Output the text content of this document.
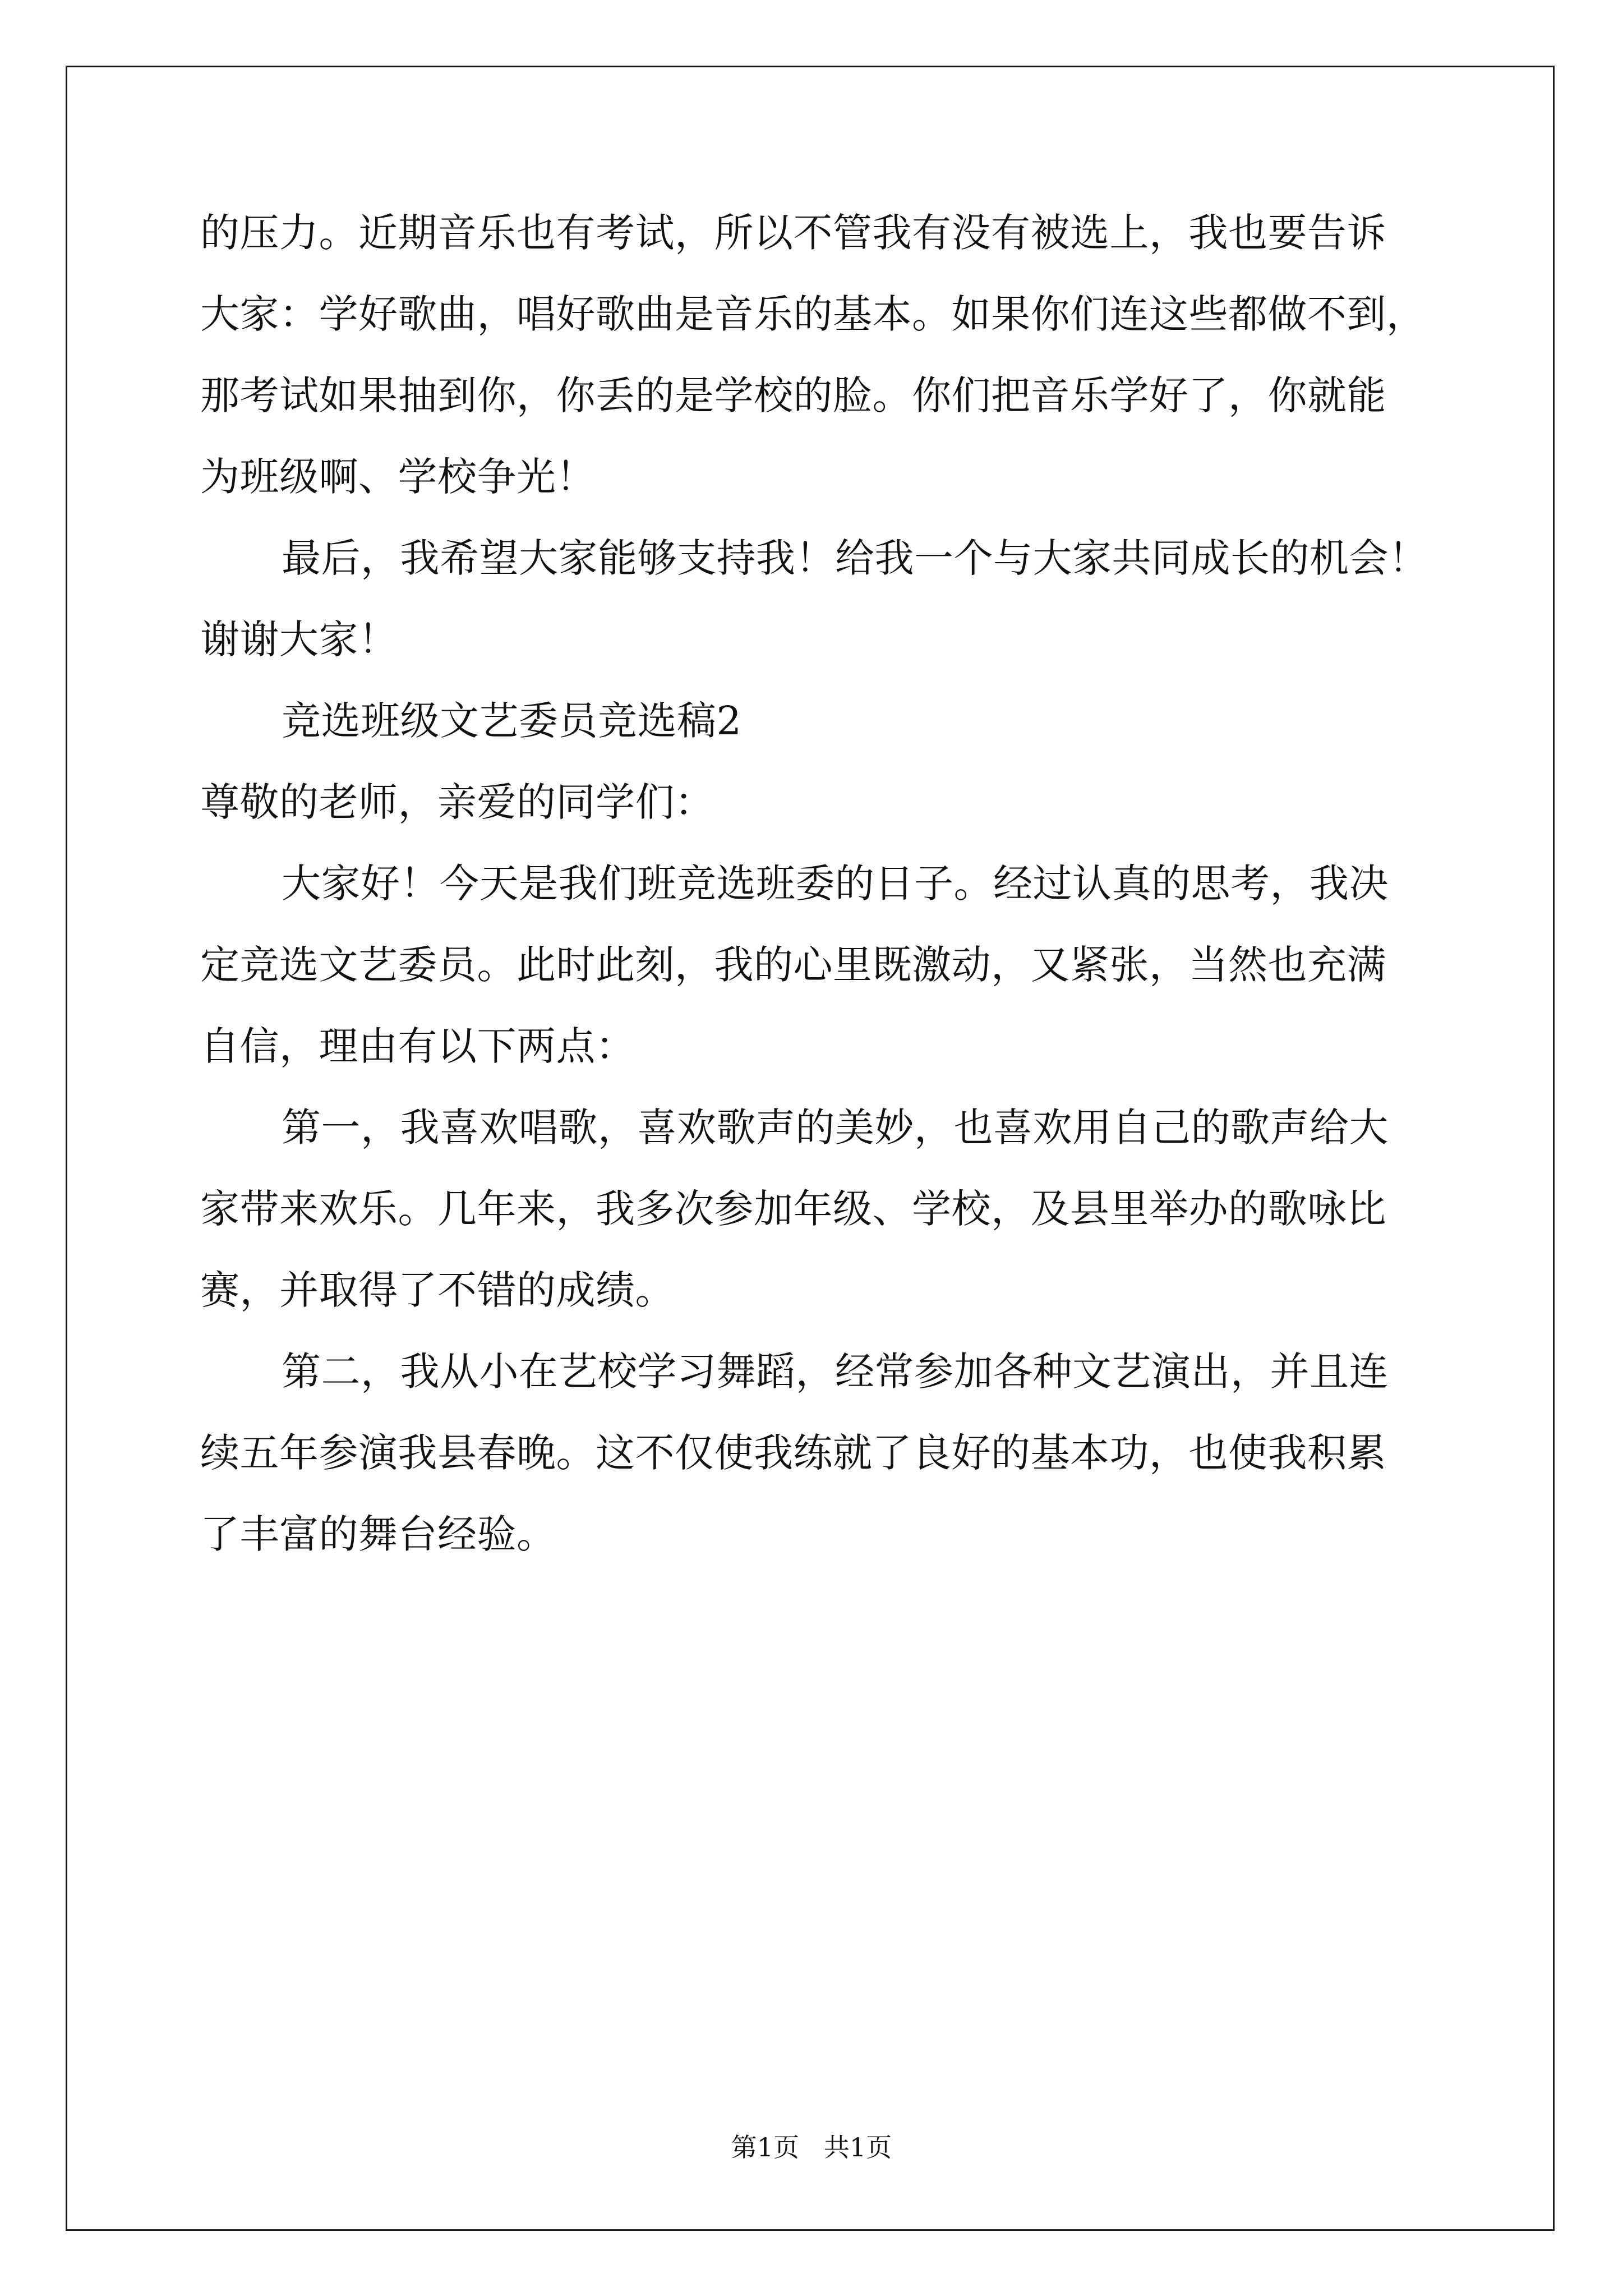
的压力。近期音乐也有考试，所以不管我有没有被选上，我也要告诉
大家：学好歌曲，唱好歌曲是音乐的基本。如果你们连这些都做不到，
那考试如果抽到你，你丢的是学校的脸。你们把音乐学好了，你就能
为班级啊、学校争光！
最后，我希望大家能够支持我！给我一个与大家共同成长的机会！
谢谢大家！
竞选班级文艺委员竞选稿2
尊敬的老师，亲爱的同学们：
大家好！今天是我们班竞选班委的日子。经过认真的思考，我决
定竞选文艺委员。此时此刻，我的心里既激动，又紧张，当然也充满
自信，理由有以下两点：
第一，我喜欢唱歌，喜欢歌声的美妙，也喜欢用自己的歌声给大
家带来欢乐。几年来，我多次参加年级、学校，及县里举办的歌咏比
赛，并取得了不错的成绩。
第二，我从小在艺校学习舞蹈，经常参加各种文艺演出，并且连
续五年参演我县春晚。这不仅使我练就了良好的基本功，也使我积累
了丰富的舞台经验。
第1页   共1页
